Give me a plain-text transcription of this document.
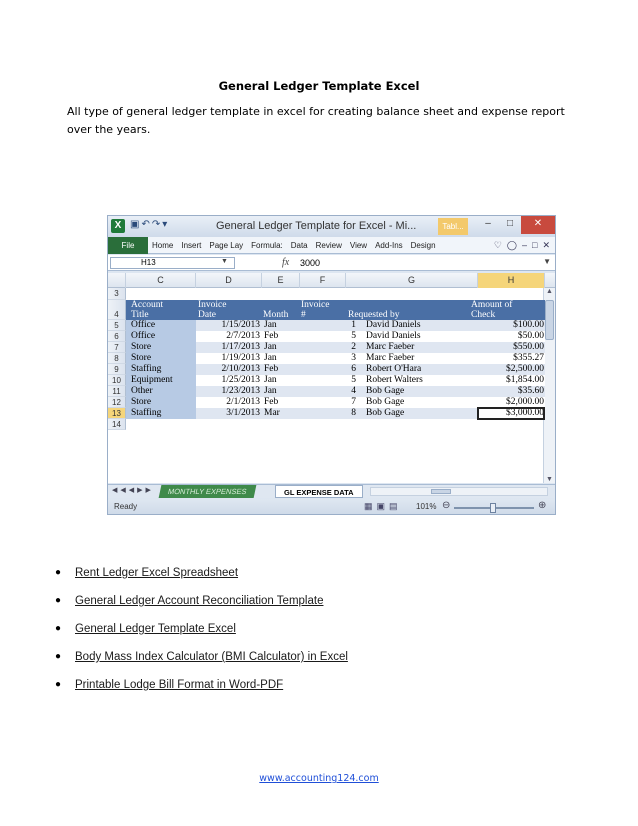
General Ledger Template Excel
All type of general ledger template in excel for creating balance sheet and expense report over the years.
X ▣↶↷▾	General Ledger Template for Excel - Mi...	Tabl...	–	□	✕
File	Home	Insert	Page Lay	Formula:	Data	Review	View	Add-Ins	Design	♡ ◯ – □ ✕
H13	▼	fx 3000	▼
C	D	E	F	G	H
▲
▼
3
4
5
6
7
8
9
10
11
12
13
14
Account	Invoice	Invoice	Amount of
Title	Date	Month #	Requested by	Check
Office	1/15/2013 Jan	1 David Daniels	$100.00
Office	2/7/2013 Feb	5 David Daniels	$50.00
Store	1/17/2013 Jan	2 Marc Faeber	$550.00
Store	1/19/2013 Jan	3 Marc Faeber	$355.27
Staffing	2/10/2013 Feb	6 Robert O'Hara	$2,500.00
Equipment	1/25/2013 Jan	5 Robert Walters	$1,854.00
Other	1/23/2013 Jan	4 Bob Gage	$35.60
Store	2/1/2013 Feb	7 Bob Gage	$2,000.00
Staffing	3/1/2013 Mar	8 Bob Gage	$3,000.00
◀◀◀▶▶	MONTHLY EXPENSES	GL EXPENSE DATA
Ready	▦ ▣ ▤ 101% ⊖	⊕
● Rent Ledger Excel Spreadsheet
● General Ledger Account Reconciliation Template
● General Ledger Template Excel
● Body Mass Index Calculator (BMI Calculator) in Excel
● Printable Lodge Bill Format in Word-PDF
www.accounting124.com
